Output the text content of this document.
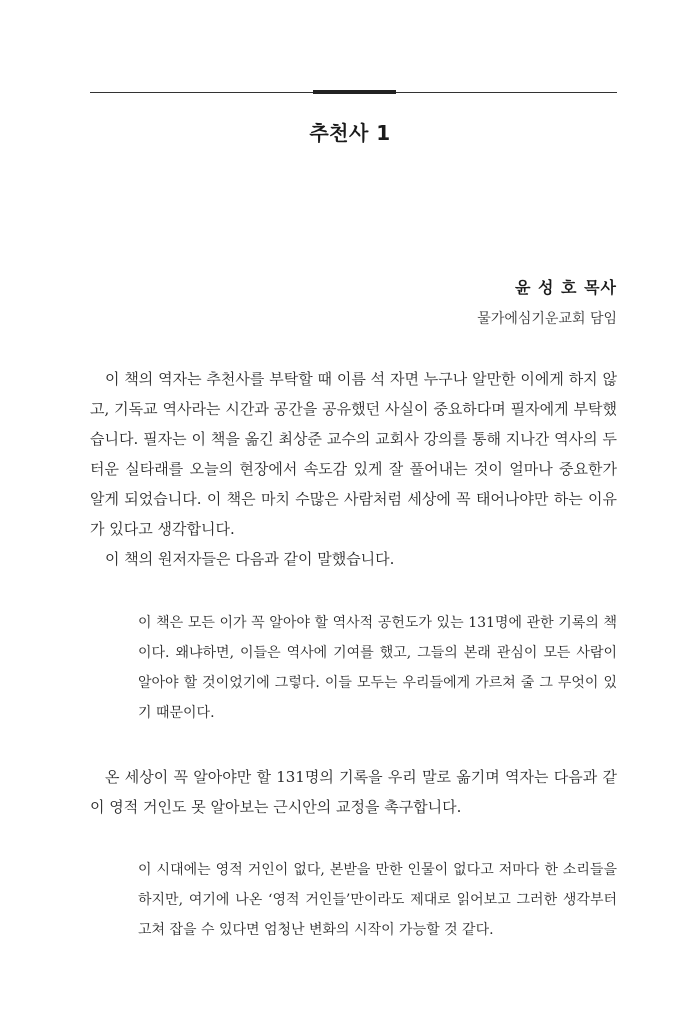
추천사 1
윤 성 호 목사
물가에심기운교회 담임

이 책의 역자는 추천사를 부탁할 때 이름 석 자면 누구나 알만한 이에게 하지 않고, 기독교 역사라는 시간과 공간을 공유했던 사실이 중요하다며 필자에게 부탁했습니다. 필자는 이 책을 옮긴 최상준 교수의 교회사 강의를 통해 지나간 역사의 두터운 실타래를 오늘의 현장에서 속도감 있게 잘 풀어내는 것이 얼마나 중요한가 알게 되었습니다. 이 책은 마치 수많은 사람처럼 세상에 꼭 태어나야만 하는 이유가 있다고 생각합니다.

이 책의 원저자들은 다음과 같이 말했습니다.

이 책은 모든 이가 꼭 알아야 할 역사적 공헌도가 있는 131명에 관한 기록의 책이다. 왜냐하면, 이들은 역사에 기여를 했고, 그들의 본래 관심이 모든 사람이 알아야 할 것이었기에 그렇다. 이들 모두는 우리들에게 가르쳐 줄 그 무엇이 있기 때문이다.

온 세상이 꼭 알아야만 할 131명의 기록을 우리 말로 옮기며 역자는 다음과 같이 영적 거인도 못 알아보는 근시안의 교정을 촉구합니다.

이 시대에는 영적 거인이 없다, 본받을 만한 인물이 없다고 저마다 한 소리들을 하지만, 여기에 나온 ‘영적 거인들’만이라도 제대로 읽어보고 그러한 생각부터 고쳐 잡을 수 있다면 엄청난 변화의 시작이 가능할 것 같다.
